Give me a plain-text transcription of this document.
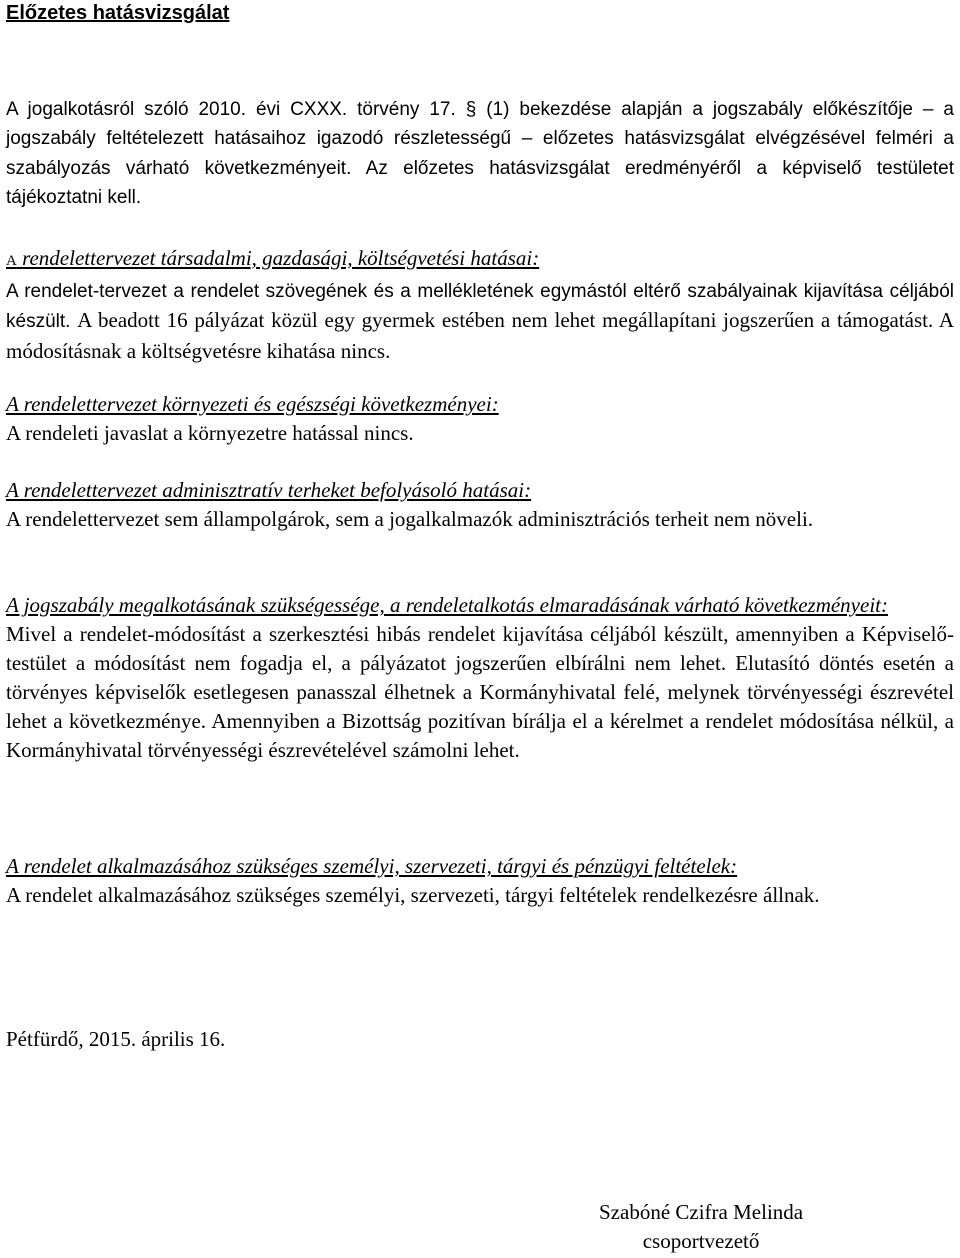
Előzetes hatásvizsgálat

A jogalkotásról szóló 2010. évi CXXX. törvény 17. § (1) bekezdése alapján a jogszabály előkészítője – a jogszabály feltételezett hatásaihoz igazodó részletességű – előzetes hatásvizsgálat elvégzésével felméri a szabályozás várható következményeit. Az előzetes hatásvizsgálat eredményéről a képviselő testületet tájékoztatni kell.

A rendelettervezet társadalmi, gazdasági, költségvetési hatásai:

A rendelet-tervezet a rendelet szövegének és a mellékletének egymástól eltérő szabályainak kijavítása céljából készült. A beadott 16 pályázat közül egy gyermek estében nem lehet megállapítani jogszerűen a támogatást. A módosításnak a költségvetésre kihatása nincs.

A rendelettervezet környezeti és egészségi következményei:

A rendeleti javaslat a környezetre hatással nincs.

A rendelettervezet adminisztratív terheket befolyásoló hatásai:

A rendelettervezet sem állampolgárok, sem a jogalkalmazók adminisztrációs terheit nem növeli.

A jogszabály megalkotásának szükségessége, a rendeletalkotás elmaradásának várható következményeit:

Mivel a rendelet-módosítást a szerkesztési hibás rendelet kijavítása céljából készült, amennyiben a Képviselő-testület a módosítást nem fogadja el, a pályázatot jogszerűen elbírálni nem lehet. Elutasító döntés esetén a törvényes képviselők esetlegesen panasszal élhetnek a Kormányhivatal felé, melynek törvényességi észrevétel lehet a következménye. Amennyiben a Bizottság pozitívan bírálja el a kérelmet a rendelet módosítása nélkül, a Kormányhivatal törvényességi észrevételével számolni lehet.

A rendelet alkalmazásához szükséges személyi, szervezeti, tárgyi és pénzügyi feltételek:

A rendelet alkalmazásához szükséges személyi, szervezeti, tárgyi feltételek rendelkezésre állnak.

Pétfürdő, 2015. április 16.
Szabóné Czifra Melinda
csoportvezető
